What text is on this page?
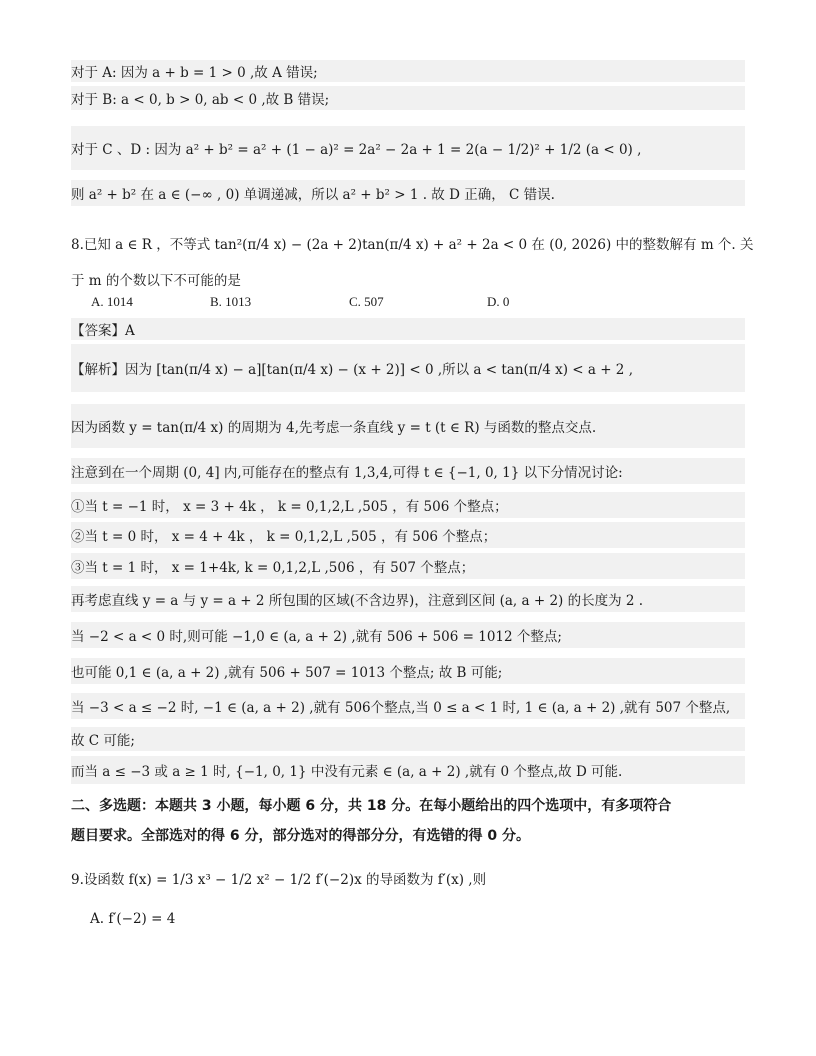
对于 A: 因为 a + b = 1 > 0 ,故 A 错误;
对于 B: a < 0, b > 0, ab < 0 ,故 B 错误;
对于 C 、D : 因为 a² + b² = a² + (1 − a)² = 2a² − 2a + 1 = 2(a − 1/2)² + 1/2 (a < 0) ,
则 a² + b² 在 a ∈ (−∞ , 0) 单调递减，所以 a² + b² > 1 . 故 D 正确， C 错误.
8.已知 a ∈ R ，不等式 tan²(π/4 x) − (2a + 2)tan(π/4 x) + a² + 2a < 0 在 (0, 2026) 中的整数解有 m 个. 关
于 m 的个数以下不可能的是
A. 1014	B. 1013	C. 507	D. 0
【答案】A
【解析】因为 [tan(π/4 x) − a][tan(π/4 x) − (x + 2)] < 0 ,所以 a < tan(π/4 x) < a + 2 ,
因为函数 y = tan(π/4 x) 的周期为 4,先考虑一条直线 y = t (t ∈ R) 与函数的整点交点.
注意到在一个周期 (0, 4] 内,可能存在的整点有 1,3,4,可得 t ∈ {−1, 0, 1} 以下分情况讨论:
①当 t = −1 时， x = 3 + 4k ， k = 0,1,2,L ,505 ，有 506 个整点；
②当 t = 0 时， x = 4 + 4k ， k = 0,1,2,L ,505 ，有 506 个整点；
③当 t = 1 时， x = 1+4k, k = 0,1,2,L ,506 ，有 507 个整点；
再考虑直线 y = a 与 y = a + 2 所包围的区域(不含边界)，注意到区间 (a, a + 2) 的长度为 2 .
当 −2 < a < 0 时,则可能 −1,0 ∈ (a, a + 2) ,就有 506 + 506 = 1012 个整点;
也可能 0,1 ∈ (a, a + 2) ,就有 506 + 507 = 1013 个整点; 故 B 可能;
当 −3 < a ≤ −2 时, −1 ∈ (a, a + 2) ,就有 506个整点,当 0 ≤ a < 1 时, 1 ∈ (a, a + 2) ,就有 507 个整点,
故 C 可能;
而当 a ≤ −3 或 a ≥ 1 时, {−1, 0, 1} 中没有元素 ∈ (a, a + 2) ,就有 0 个整点,故 D 可能.
二、多选题：本题共 3 小题，每小题 6 分，共 18 分。在每小题给出的四个选项中，有多项符合
题目要求。全部选对的得 6 分，部分选对的得部分分，有选错的得 0 分。
9.设函数 f(x) = 1/3 x³ − 1/2 x² − 1/2 f′(−2)x 的导函数为 f′(x) ,则
A. f′(−2) = 4
